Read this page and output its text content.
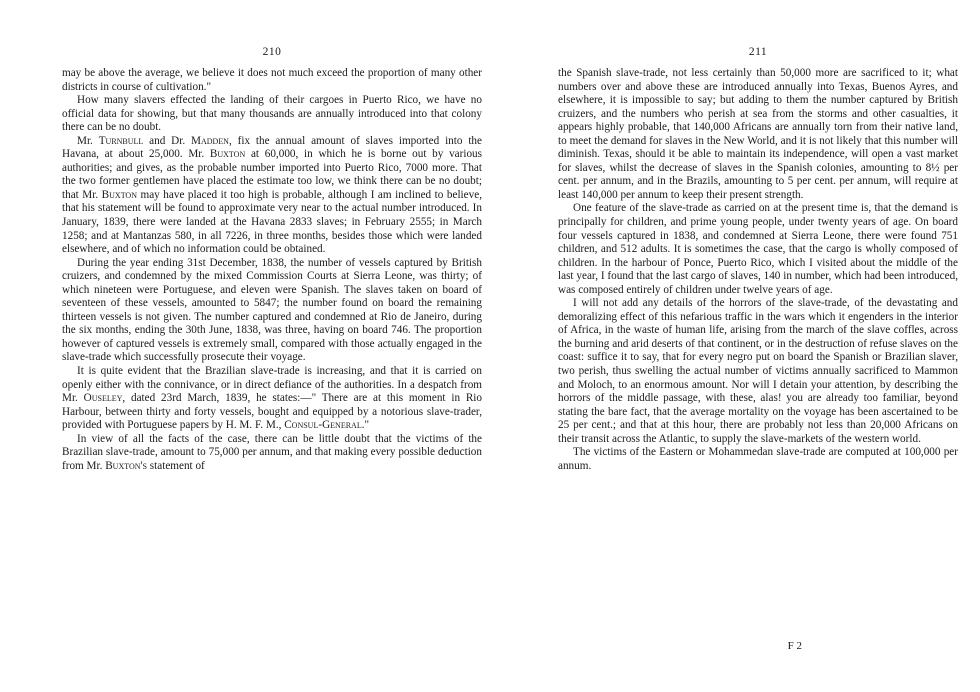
210

may be above the average, we believe it does not much exceed the proportion of many other districts in course of cultivation."

How many slavers effected the landing of their cargoes in Puerto Rico, we have no official data for showing, but that many thousands are annually introduced into that colony there can be no doubt.

Mr. Turnbull and Dr. Madden, fix the annual amount of slaves imported into the Havana, at about 25,000. Mr. Buxton at 60,000, in which he is borne out by various authorities; and gives, as the probable number imported into Puerto Rico, 7000 more. That the two former gentlemen have placed the estimate too low, we think there can be no doubt; that Mr. Buxton may have placed it too high is probable, although I am inclined to believe, that his statement will be found to approximate very near to the actual number introduced. In January, 1839, there were landed at the Havana 2833 slaves; in February 2555; in March 1258; and at Mantanzas 580, in all 7226, in three months, besides those which were landed elsewhere, and of which no information could be obtained.

During the year ending 31st December, 1838, the number of vessels captured by British cruizers, and condemned by the mixed Commission Courts at Sierra Leone, was thirty; of which nineteen were Portuguese, and eleven were Spanish. The slaves taken on board of seventeen of these vessels, amounted to 5847; the number found on board the remaining thirteen vessels is not given. The number captured and condemned at Rio de Janeiro, during the six months, ending the 30th June, 1838, was three, having on board 746. The proportion however of captured vessels is extremely small, compared with those actually engaged in the slave-trade which successfully prosecute their voyage.

It is quite evident that the Brazilian slave-trade is increasing, and that it is carried on openly either with the connivance, or in direct defiance of the authorities. In a despatch from Mr. Ouseley, dated 23rd March, 1839, he states:—" There are at this moment in Rio Harbour, between thirty and forty vessels, bought and equipped by a notorious slave-trader, provided with Portuguese papers by H. M. F. M., Consul-General."

In view of all the facts of the case, there can be little doubt that the victims of the Brazilian slave-trade, amount to 75,000 per annum, and that making every possible deduction from Mr. Buxton's statement of

211

the Spanish slave-trade, not less certainly than 50,000 more are sacrificed to it; what numbers over and above these are introduced annually into Texas, Buenos Ayres, and elsewhere, it is impossible to say; but adding to them the number captured by British cruizers, and the numbers who perish at sea from the storms and other casualties, it appears highly probable, that 140,000 Africans are annually torn from their native land, to meet the demand for slaves in the New World, and it is not likely that this number will diminish. Texas, should it be able to maintain its independence, will open a vast market for slaves, whilst the decrease of slaves in the Spanish colonies, amounting to 8½ per cent. per annum, and in the Brazils, amounting to 5 per cent. per annum, will require at least 140,000 per annum to keep their present strength.

One feature of the slave-trade as carried on at the present time is, that the demand is principally for children, and prime young people, under twenty years of age. On board four vessels captured in 1838, and condemned at Sierra Leone, there were found 751 children, and 512 adults. It is sometimes the case, that the cargo is wholly composed of children. In the harbour of Ponce, Puerto Rico, which I visited about the middle of the last year, I found that the last cargo of slaves, 140 in number, which had been introduced, was composed entirely of children under twelve years of age.

I will not add any details of the horrors of the slave-trade, of the devastating and demoralizing effect of this nefarious traffic in the wars which it engenders in the interior of Africa, in the waste of human life, arising from the march of the slave coffles, across the burning and arid deserts of that continent, or in the destruction of refuse slaves on the coast: suffice it to say, that for every negro put on board the Spanish or Brazilian slaver, two perish, thus swelling the actual number of victims annually sacrificed to Mammon and Moloch, to an enormous amount. Nor will I detain your attention, by describing the horrors of the middle passage, with these, alas! you are already too familiar, beyond stating the bare fact, that the average mortality on the voyage has been ascertained to be 25 per cent.; and that at this hour, there are probably not less than 20,000 Africans on their transit across the Atlantic, to supply the slave-markets of the western world.

The victims of the Eastern or Mohammedan slave-trade are computed at 100,000 per annum.

F 2
